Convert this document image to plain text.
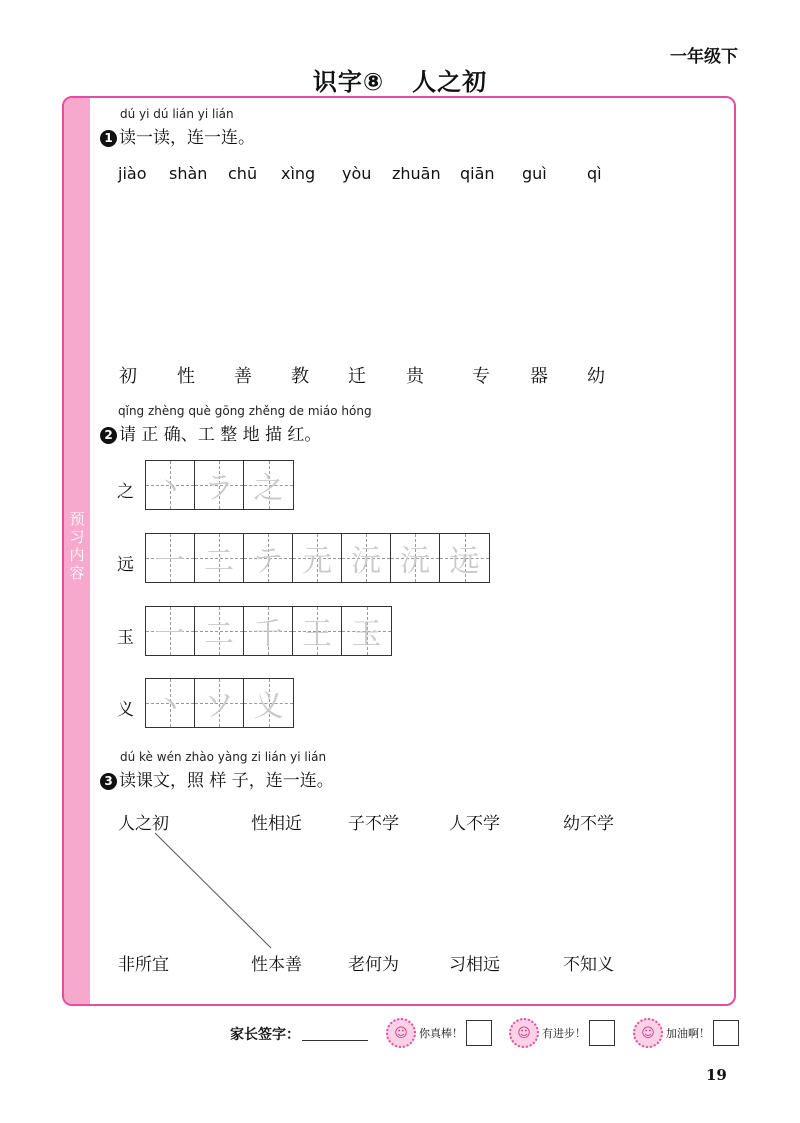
一年级下
识字⑧ 人之初
预习内容
dú yi dú lián yi lián
1 读一读，连一连。
jiào shàn chū xìng yòu zhuān qiān guì	qì
初 性 善 教 迁 贵	专 器 幼
qǐng zhèng què gōng zhěng de miáo hóng
2 请 正 确、工 整 地 描 红。
之 丶 ラ 之
远 一 二 テ 元 沅 沅 远
玉 一 二 千 王 玉
义 丶 ソ 义
dú kè wén zhào yàng zi lián yi lián
3 读课文，照 样 子，连一连。
人之初	性相近	子不学	人不学	幼不学
非所宜	性本善	老何为	习相远	不知义
家长签字：	☺	你真棒！	☺	有进步！	☺	加油啊！
19
